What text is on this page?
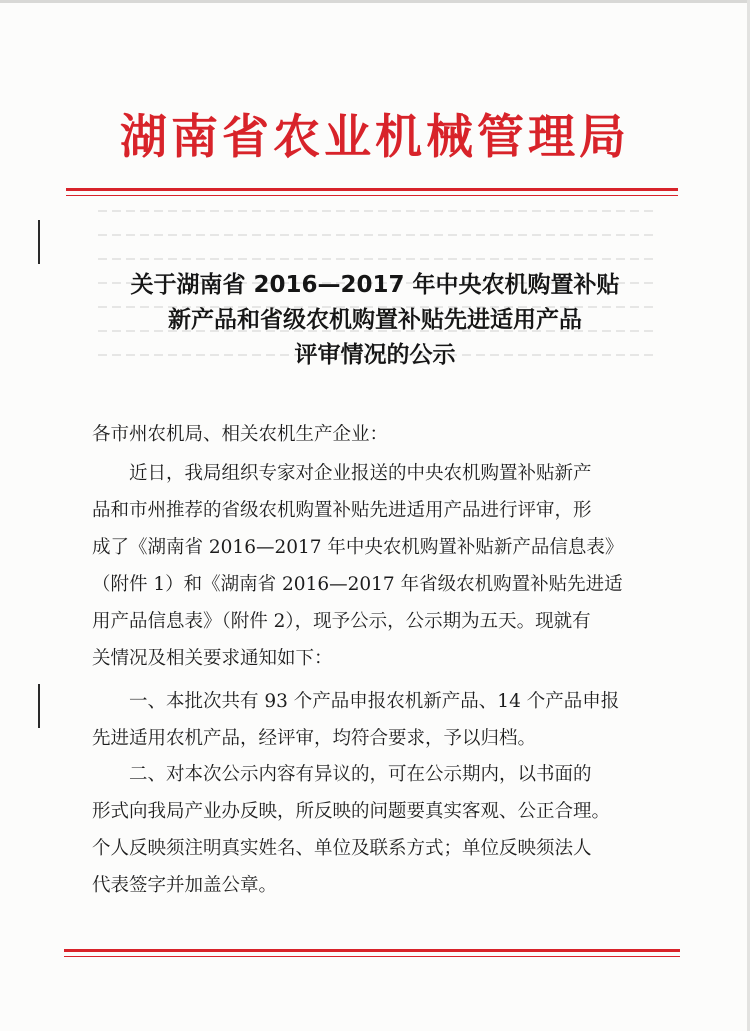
湖南省农业机械管理局
关于湖南省 2016—2017 年中央农机购置补贴
新产品和省级农机购置补贴先进适用产品
评审情况的公示
各市州农机局、相关农机生产企业：
　　近日，我局组织专家对企业报送的中央农机购置补贴新产
品和市州推荐的省级农机购置补贴先进适用产品进行评审，形
成了《湖南省 2016—2017 年中央农机购置补贴新产品信息表》
（附件 1）和《湖南省 2016—2017 年省级农机购置补贴先进适
用产品信息表》（附件 2），现予公示，公示期为五天。现就有
关情况及相关要求通知如下：
　　一、本批次共有 93 个产品申报农机新产品、14 个产品申报
先进适用农机产品，经评审，均符合要求，予以归档。
　　二、对本次公示内容有异议的，可在公示期内，以书面的
形式向我局产业办反映，所反映的问题要真实客观、公正合理。
个人反映须注明真实姓名、单位及联系方式；单位反映须法人
代表签字并加盖公章。
